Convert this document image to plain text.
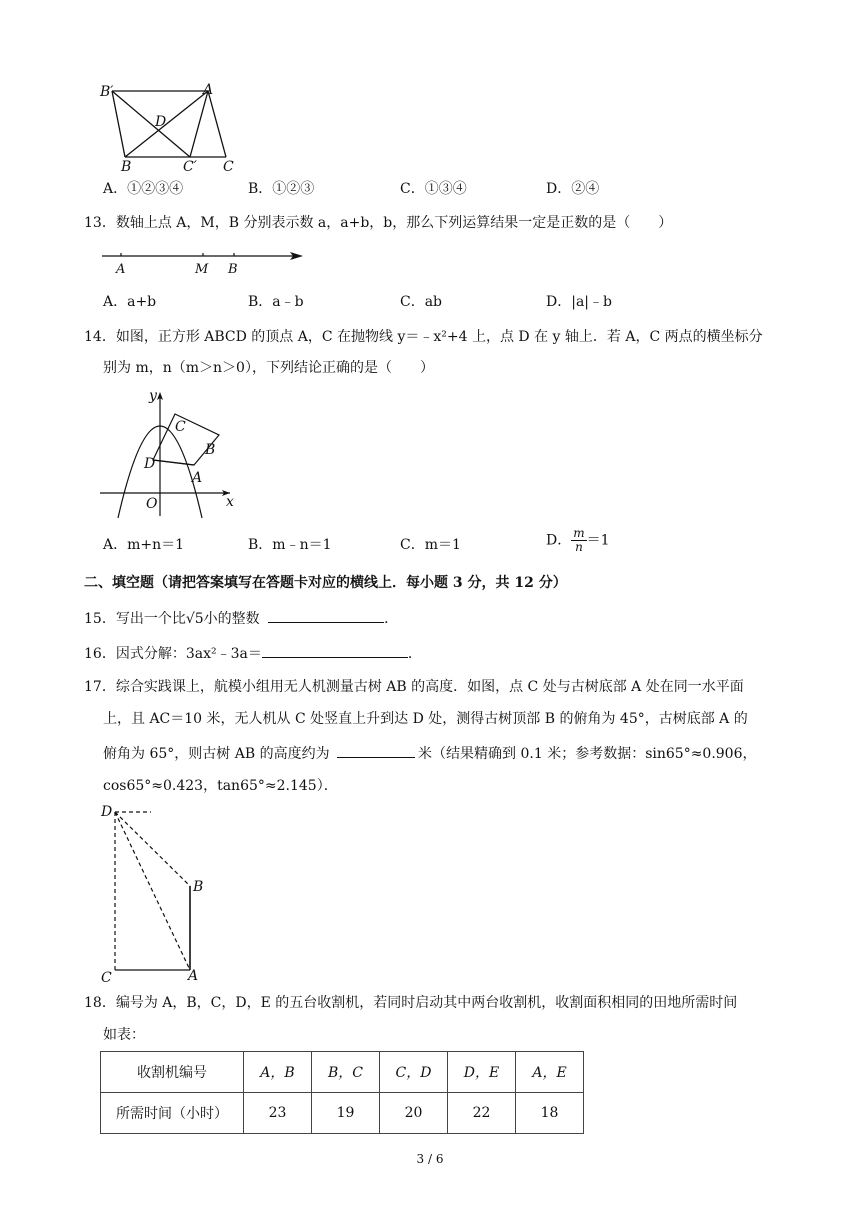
B′	A
D
B	C′ C
A．①②③④	B．①②③	C．①③④	D．②④
13．数轴上点 A，M，B 分别表示数 a，a+b，b，那么下列运算结果一定是正数的是（　　）
A	M B
A．a+b	B．a﹣b	C．ab	D．|a|﹣b
14．如图，正方形 ABCD 的顶点 A，C 在抛物线 y＝﹣x²+4 上，点 D 在 y 轴上．若 A，C 两点的横坐标分
别为 m，n（m＞n＞0），下列结论正确的是（　　）
y
C
B
D
A
O	x
A．m+n＝1	B．m﹣n＝1	C．m＝1	D． $\frac{m}{n} =1$
二、填空题（请把答案填写在答题卡对应的横线上．每小题 3 分，共 12 分）
15．写出一个比√5小的整数	．
16．因式分解：3ax²﹣3a＝	．
17．综合实践课上，航模小组用无人机测量古树 AB 的高度．如图，点 C 处与古树底部 A 处在同一水平面
上，且 AC＝10 米，无人机从 C 处竖直上升到达 D 处，测得古树顶部 B 的俯角为 45°，古树底部 A 的
俯角为 65°，则古树 AB 的高度约为	米（结果精确到 0.1 米；参考数据：sin65°≈0.906，
cos65°≈0.423，tan65°≈2.145）．
D
B
C	A
18．编号为 A，B，C，D，E 的五台收割机，若同时启动其中两台收割机，收割面积相同的田地所需时间
如表：
收割机编号	A，B	B，C	C，D	D，E	A，E
所需时间（小时）	23	19	20	22	18
3 / 6
